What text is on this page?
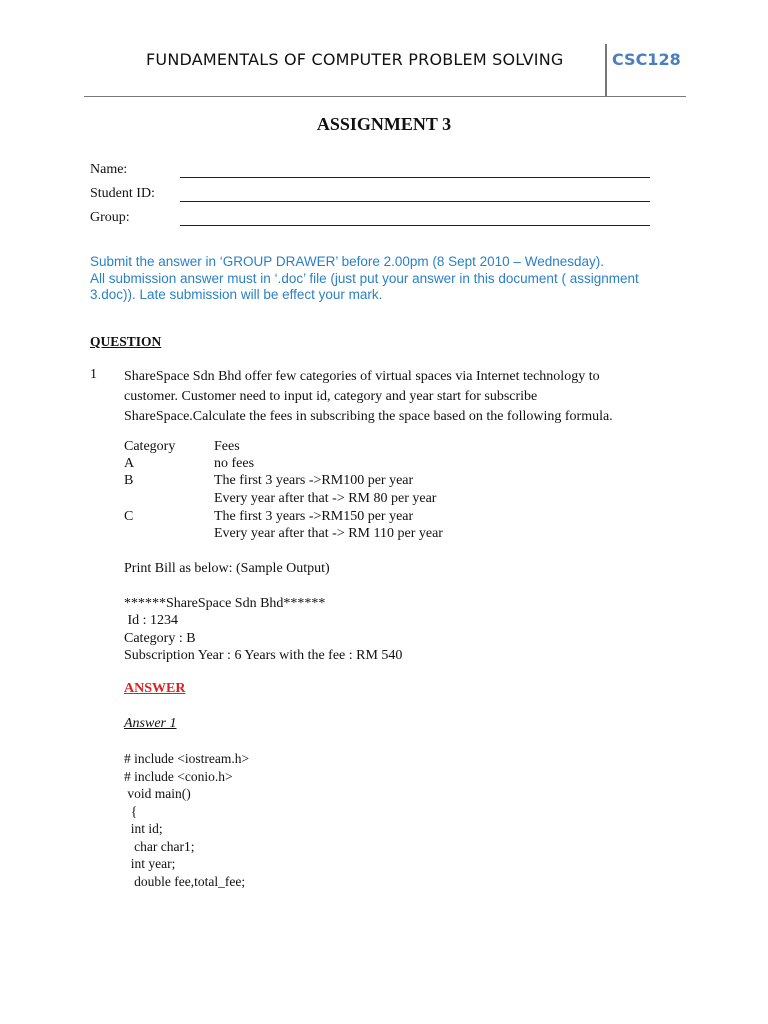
FUNDAMENTALS OF COMPUTER PROBLEM SOLVING	CSC128
ASSIGNMENT 3
Name:
Student ID:
Group:
Submit the answer in ‘GROUP DRAWER’ before 2.00pm (8 Sept 2010 – Wednesday).
All submission answer must in ‘.doc’ file (just put your answer in this document ( assignment
3.doc)). Late submission will be effect your mark.
QUESTION
1 ShareSpace Sdn Bhd offer few categories of virtual spaces via Internet technology to
customer. Customer need to input id, category and year start for subscribe
ShareSpace.Calculate the fees in subscribing the space based on the following formula.
Category	Fees
A	no fees
B	The first 3 years ->RM100 per year
Every year after that -> RM 80 per year
C	The first 3 years ->RM150 per year
Every year after that -> RM 110 per year
Print Bill as below: (Sample Output)
******ShareSpace Sdn Bhd******
Id : 1234
Category : B
Subscription Year : 6 Years with the fee : RM 540
ANSWER
Answer 1
# include <iostream.h>
# include <conio.h>
void main()
{
int id;
char char1;
int year;
double fee,total_fee;
